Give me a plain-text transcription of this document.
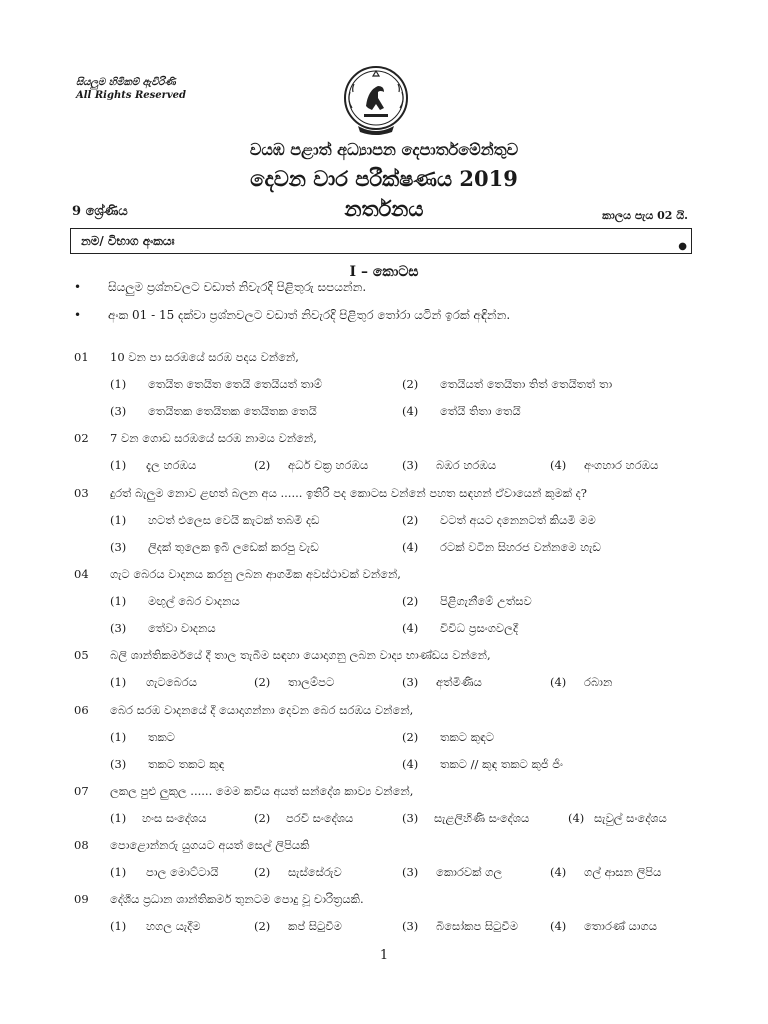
සියලුම හිමිකම් ඇවිරිණි
All Rights Reserved
වයඹ පළාත් අධ්‍යාපන දෙපාර්තමේන්තුව
දෙවන වාර පරීක්ෂණය 2019
නර්තනය
9 ශ්‍රේණිය	කාලය පැය 02 යි.
නම/ විභාග අංකයඃ	●
I – කොටස
• සියලුම ප්‍රශ්නවලට වඩාත් නිවැරදි පිළිතුරු සපයන්න.
• අංක 01 - 15 දක්වා ප්‍රශ්නවලට වඩාත් නිවැරදි පිළිතුර තෝරා යටින් ඉරක් අඳින්න.
01 10 වන පා සරඹයේ සරඹ පදය වන්නේ,
(1) තෙයිත තෙයිත තෙයි තෙයියත් තාම්	(2) තෙයියත් තෙයිතා තිත් තෙයිතත් තා
(3) තෙයිතක තෙයිතක තෙයිතක තෙයි	(4) තේයි තිතා තෙයි
02 7 වන ගොඩ සරඹයේ සරඹ නාමය වන්නේ,
(1) දැල හරඹය	(2) අර්ධ චක්‍ර හරඹය	(3) බඹර හරඹය	(4) අංගහාර හරඹය
03 දුරත් බැලුම නොව ළඟත් බලන අය ...... ඉතිරි පද කොටස වන්නේ පහත සඳහන් ඒවායෙන් කුමක් ද?
(1) හටත් එලෙස වෙයි කැටක් තබමි දඩ	(2) වටත් අයට දනෙනටත් කියමි මම
(3) ලිදක් තුලෙක ඉබි ලඩෙක් කරපු වැඩ	(4) රටක් වටින සිහරජ වන්නමෙ හැඩ
04 ගැට බෙරය වාදනය කරනු ලබන ආගමික අවස්ථාවක් වන්නේ,
(1) මඟුල් බෙර වාදනය	(2) පිළිගැනීමේ උත්සව
(3) තේවා වාදනය	(4) විවිධ ප්‍රසංගවලදී
05 බලි ශාන්තිකර්මයේ දී තාල තැබීම සඳහා යොදාගනු ලබන වාද්‍ය භාණ්ඩය වන්නේ,
(1) ගැටබෙරය	(2) තාලම්පට	(3) අත්මිණිය	(4) රබාන
06 බෙර සරඹ වාදනයේ දී යොදාගන්නා දෙවන බෙර සරඹය වන්නේ,
(1) තකට	(2) තකට කුඳට
(3) තකට තකට කුඳ	(4) තකට // කුඳ තකට කුජි ජිං
07 ලකල පුළු ලුකුල ...... මෙම කවිය අයත් සන්දේශ කාව්‍ය වන්නේ,
(1) හංස සංදේශය	(2) පරවි සංදේශය	(3) සැළලිහිණි සංදේශය	(4) සැවුල් සංදේශය
08 පොළොන්නරු යුගයට අයත් සෙල් ලිපියකි
(1) පාල මොට්ටායි	(2) සැස්සේරුව	(3) කොරවක් ගල	(4) ගල් ආසන ලිපිය
09 දේශීය ප්‍රධාන ශාන්තිකර්ම තුනටම පොදු වූ චාරිත්‍රයකි.
(1) හගල යැදීම	(2) කප් සිටුවීම	(3) බිසෝකප සිටුවීම	(4) තොරණ් යාගය
1
